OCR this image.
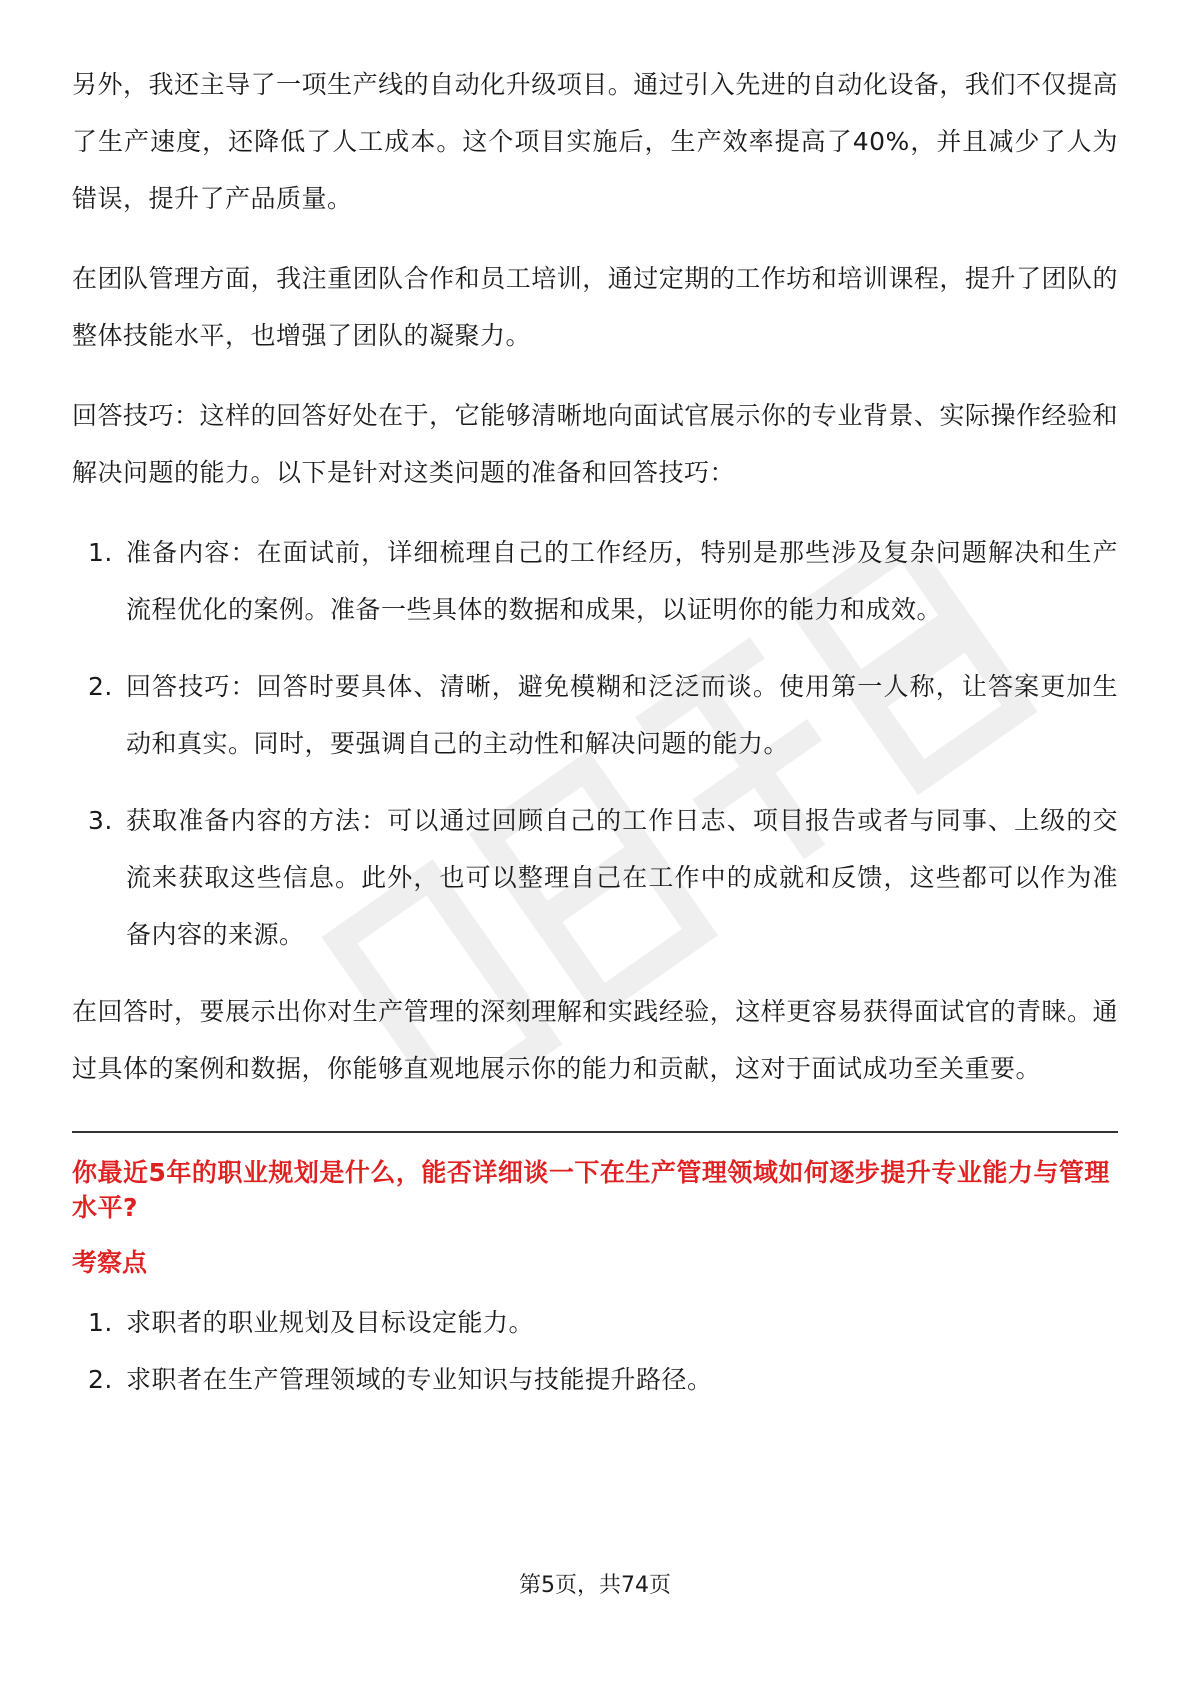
另外，我还主导了一项生产线的自动化升级项目。通过引入先进的自动化设备，我们不仅提高了生产速度，还降低了人工成本。这个项目实施后，生产效率提高了40%，并且减少了人为错误，提升了产品质量。

在团队管理方面，我注重团队合作和员工培训，通过定期的工作坊和培训课程，提升了团队的整体技能水平，也增强了团队的凝聚力。

回答技巧：这样的回答好处在于，它能够清晰地向面试官展示你的专业背景、实际操作经验和解决问题的能力。以下是针对这类问题的准备和回答技巧：

1. 准备内容：在面试前，详细梳理自己的工作经历，特别是那些涉及复杂问题解决和生产流程优化的案例。准备一些具体的数据和成果，以证明你的能力和成效。
2. 回答技巧：回答时要具体、清晰，避免模糊和泛泛而谈。使用第一人称，让答案更加生动和真实。同时，要强调自己的主动性和解决问题的能力。
3. 获取准备内容的方法：可以通过回顾自己的工作日志、项目报告或者与同事、上级的交流来获取这些信息。此外，也可以整理自己在工作中的成就和反馈，这些都可以作为准备内容的来源。

在回答时，要展示出你对生产管理的深刻理解和实践经验，这样更容易获得面试官的青睐。通过具体的案例和数据，你能够直观地展示你的能力和贡献，这对于面试成功至关重要。

你最近5年的职业规划是什么，能否详细谈一下在生产管理领域如何逐步提升专业能力与管理水平?
考察点
1. 求职者的职业规划及目标设定能力。
2. 求职者在生产管理领域的专业知识与技能提升路径。
第5页，共74页
